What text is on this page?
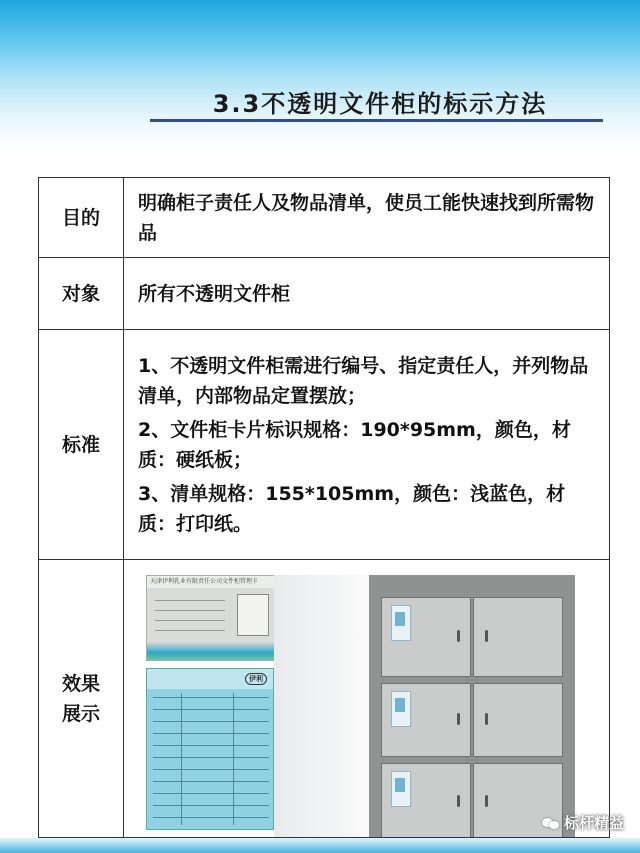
3.3不透明文件柜的标示方法
目的
明确柜子责任人及物品清单，使员工能快速找到所需物品
对象	所有不透明文件柜
标准
1、不透明文件柜需进行编号、指定责任人，并列物品清单，内部物品定置摆放；
2、文件柜卡片标识规格：190*95mm，颜色，材质：硬纸板；
3、清单规格：155*105mm，颜色：浅蓝色，材质：打印纸。
效果展示
天津伊利乳业有限责任公司文件柜管理卡
伊利
标杆精益
